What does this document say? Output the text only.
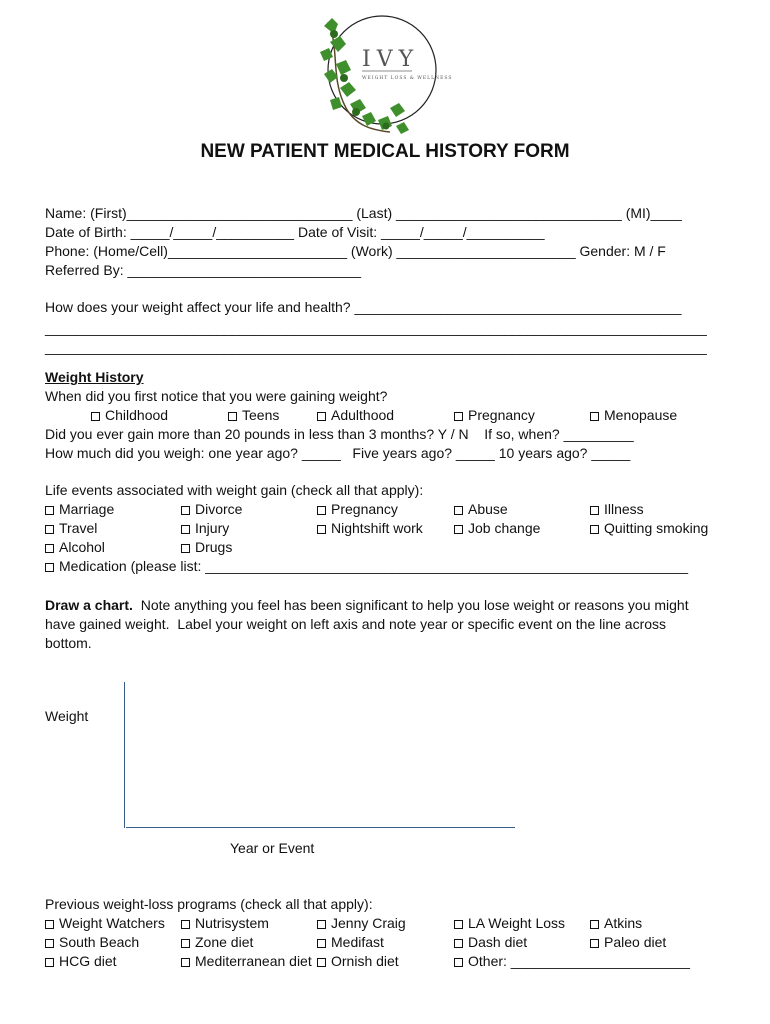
IVY
WEIGHT LOSS & WELLNESS
NEW PATIENT MEDICAL HISTORY FORM
Name: (First)_____________________________ (Last) _____________________________ (MI)____
Date of Birth: _____/_____/__________ Date of Visit: _____/_____/__________
Phone: (Home/Cell)_______________________ (Work) _______________________ Gender: M / F
Referred By: ______________________________
How does your weight affect your life and health? __________________________________________
_____________________________________________________________________________________
_____________________________________________________________________________________
Weight History
When did you first notice that you were gaining weight?
Childhood	Teens	Adulthood	Pregnancy	Menopause
Did you ever gain more than 20 pounds in less than 3 months? Y / N    If so, when? _________
How much did you weigh: one year ago? _____   Five years ago? _____ 10 years ago? _____
Life events associated with weight gain (check all that apply):
Marriage	Divorce	Pregnancy	Abuse	Illness
Travel	Injury	Nightshift work	Job change	Quitting smoking
Alcohol	Drugs
Medication (please list: ______________________________________________________________
Draw a chart.  Note anything you feel has been significant to help you lose weight or reasons you might have gained weight.  Label your weight on left axis and note year or specific event on the line across bottom.
Weight
Year or Event
Previous weight-loss programs (check all that apply):
Weight Watchers	Nutrisystem	Jenny Craig	LA Weight Loss	Atkins
South Beach	Zone diet	Medifast	Dash diet	Paleo diet
HCG diet	Mediterranean diet	Ornish diet	Other: _______________________
